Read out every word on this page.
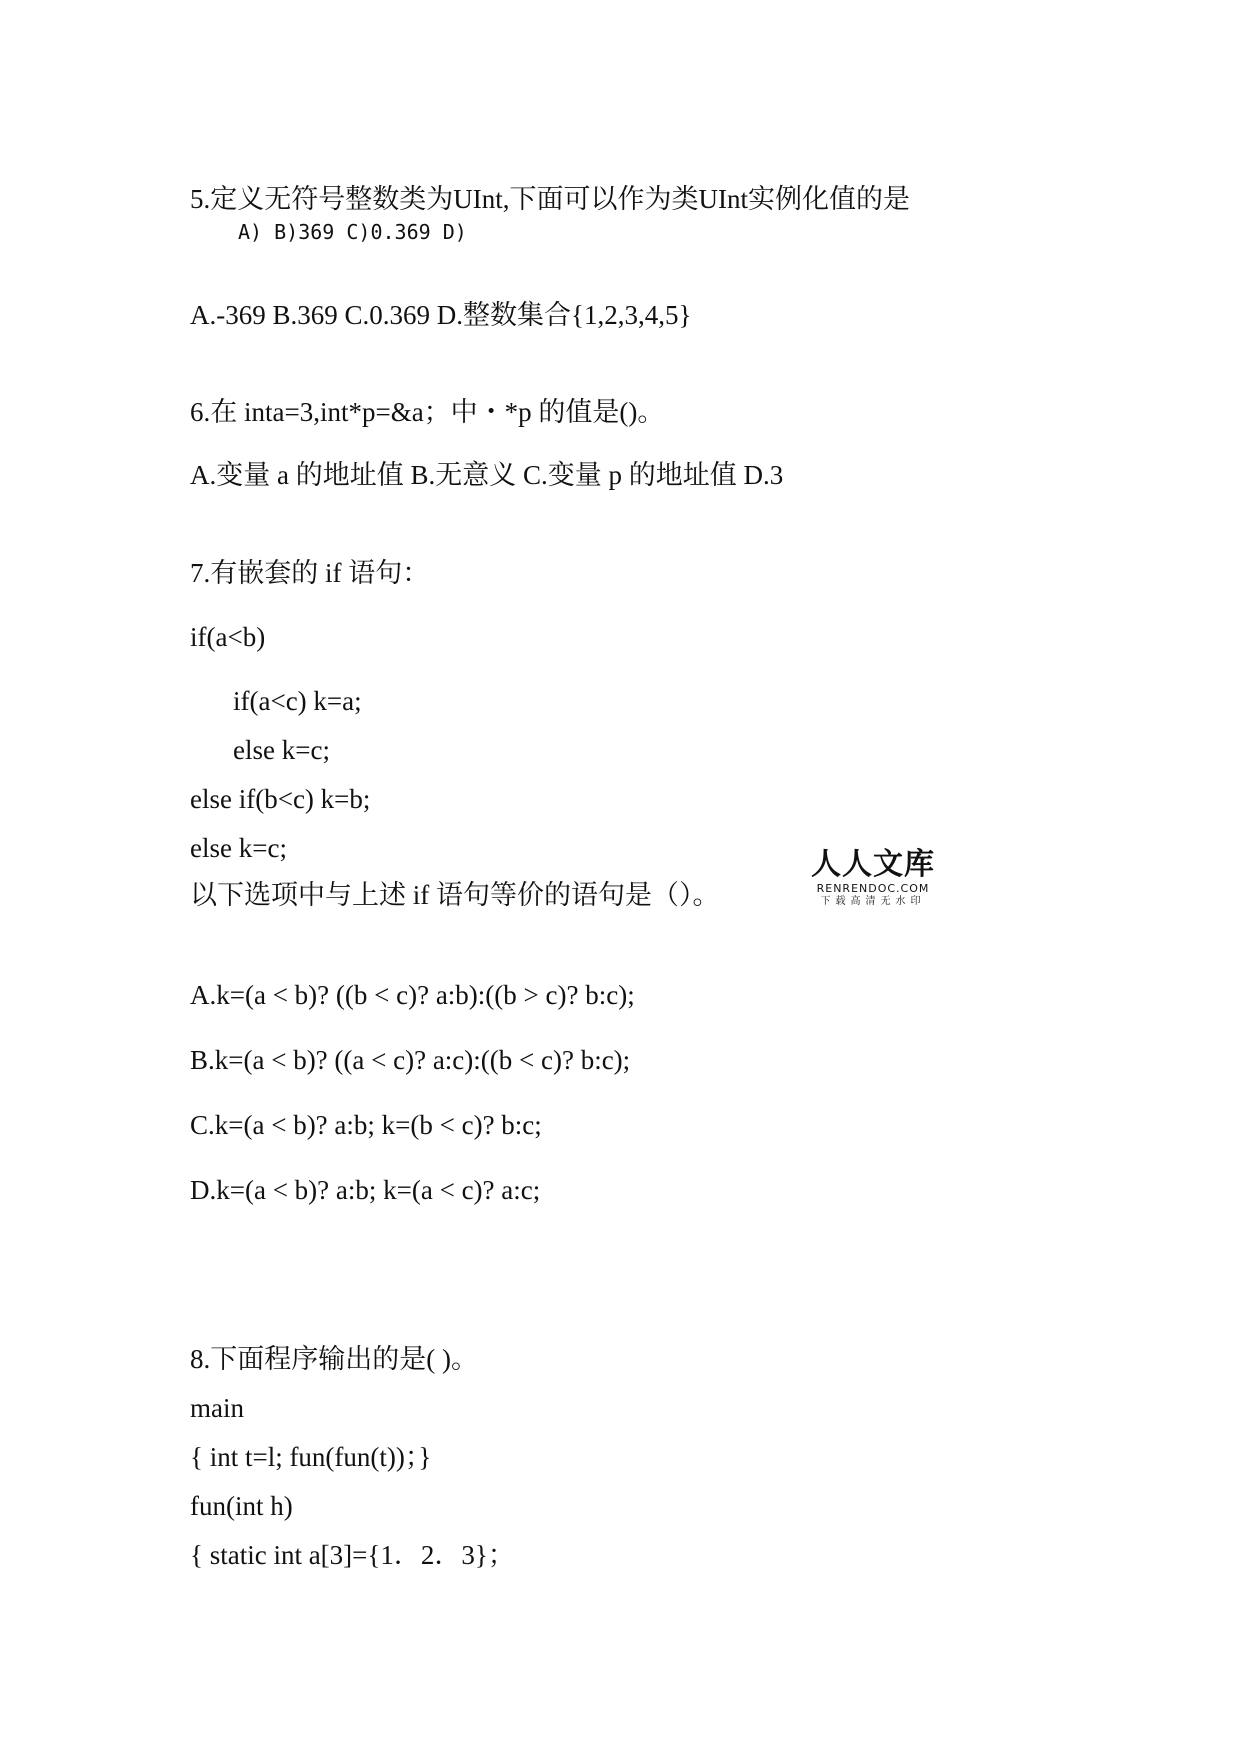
5.定义无符号整数类为UInt,下面可以作为类UInt实例化值的是
A) B)369 C)0.369 D)
A.-369 B.369 C.0.369 D.整数集合{1,2,3,4,5}
6.在 inta=3,int*p=&a；中・*p 的值是()。
A.变量 a 的地址值 B.无意义 C.变量 p 的地址值 D.3
7.有嵌套的 if 语句：
if(a<b)
if(a<c) k=a;
else k=c;
else if(b<c) k=b;
else k=c;
以下选项中与上述 if 语句等价的语句是（）。
人人文库
RENRENDOC.COM
下载高清无水印
A.k=(a < b)? ((b < c)? a:b):((b > c)? b:c);
B.k=(a < b)? ((a < c)? a:c):((b < c)? b:c);
C.k=(a < b)? a:b; k=(b < c)? b:c;
D.k=(a < b)? a:b; k=(a < c)? a:c;
8.下面程序输出的是( )。
main
{ int t=l; fun(fun(t))；}
fun(int h)
{ static int a[3]={1．2．3}；
